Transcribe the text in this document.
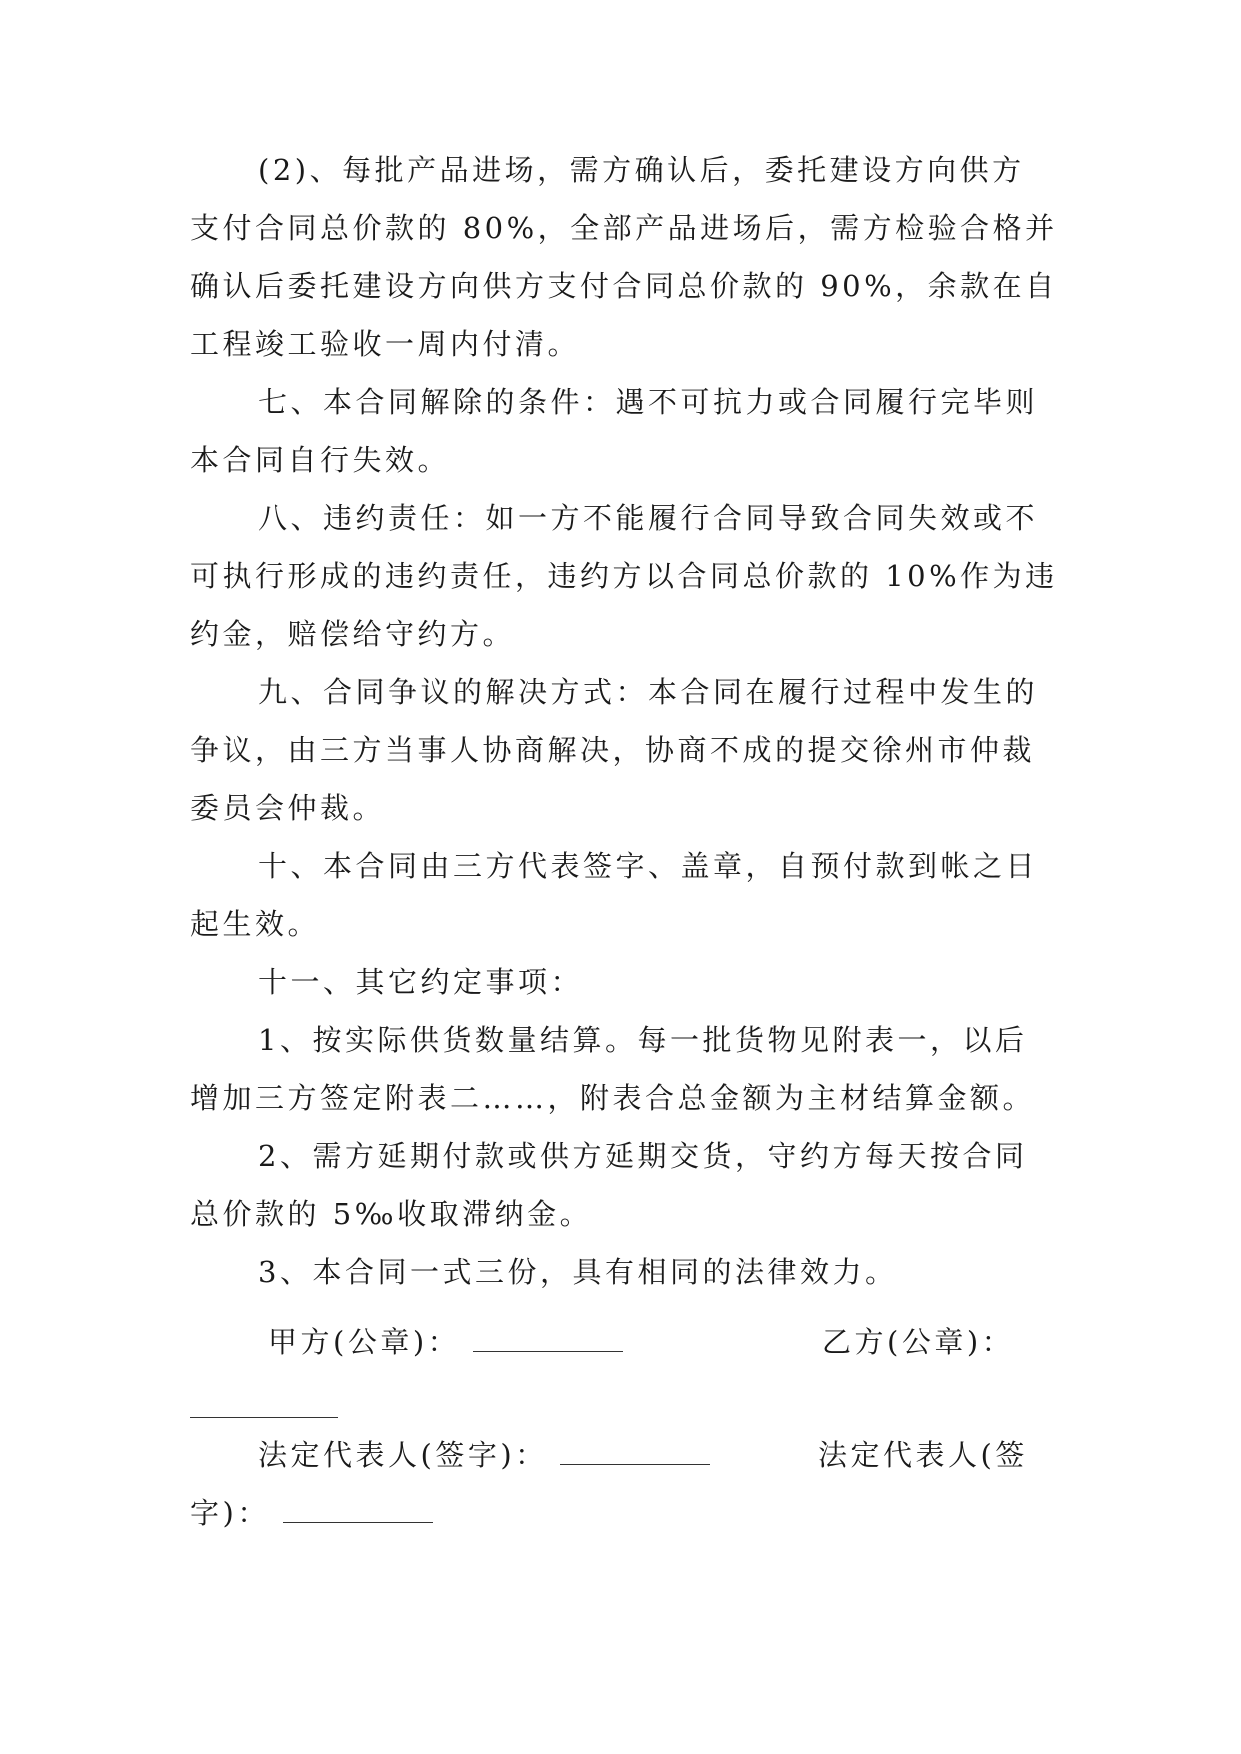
(2)、每批产品进场，需方确认后，委托建设方向供方
支付合同总价款的 80%，全部产品进场后，需方检验合格并
确认后委托建设方向供方支付合同总价款的 90%，余款在自
工程竣工验收一周内付清。
七、本合同解除的条件：遇不可抗力或合同履行完毕则
本合同自行失效。
八、违约责任：如一方不能履行合同导致合同失效或不
可执行形成的违约责任，违约方以合同总价款的 10%作为违
约金，赔偿给守约方。
九、合同争议的解决方式：本合同在履行过程中发生的
争议，由三方当事人协商解决，协商不成的提交徐州市仲裁
委员会仲裁。
十、本合同由三方代表签字、盖章，自预付款到帐之日
起生效。
十一、其它约定事项：
1、按实际供货数量结算。每一批货物见附表一，以后
增加三方签定附表二……，附表合总金额为主材结算金额。
2、需方延期付款或供方延期交货，守约方每天按合同
总价款的 5‰收取滞纳金。
3、本合同一式三份，具有相同的法律效力。
甲方(公章)：	乙方(公章)：
法定代表人(签字)：	法定代表人(签
字)：
